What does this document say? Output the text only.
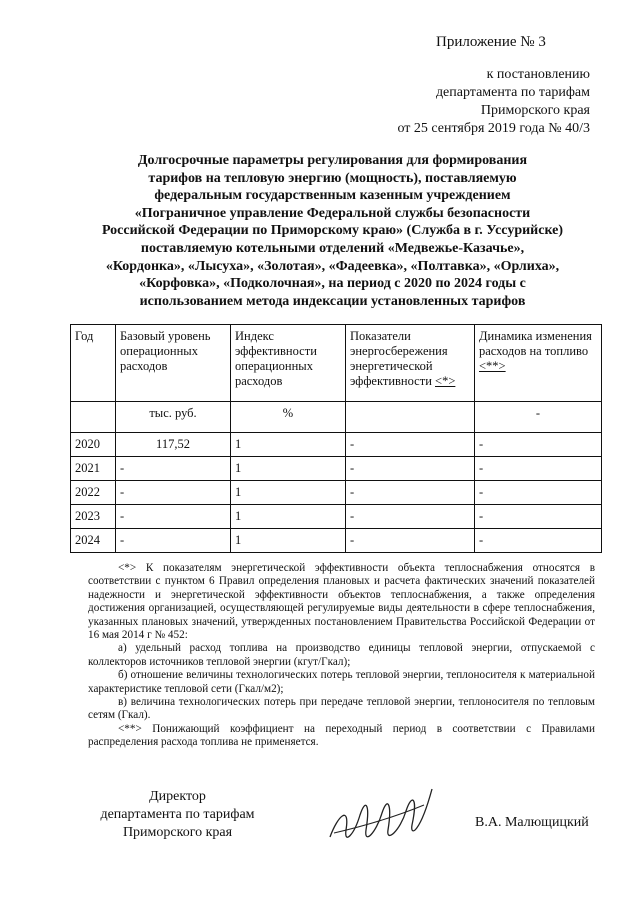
Приложение № 3
к постановлению
департамента по тарифам
Приморского края
от 25 сентября 2019 года № 40/3
Долгосрочные параметры регулирования для формирования
тарифов на тепловую энергию (мощность), поставляемую
федеральным государственным казенным учреждением
«Пограничное управление Федеральной службы безопасности
Российской Федерации по Приморскому краю» (Служба в г. Уссурийске)
поставляемую котельными отделений «Медвежье-Казачье»,
«Кордонка», «Лысуха», «Золотая», «Фадеевка», «Полтавка», «Орлиха»,
«Корфовка», «Подколочная», на период с 2020 по 2024 годы с
использованием метода индексации установленных тарифов
Год	Базовый уровень операционных расходов	Индекс эффективности операционных расходов	Показатели энергосбережения энергетической эффективности <*>	Динамика изменения расходов на топливо <**>
	тыс. руб.	%		-
2020	117,52	1	-	-
2021	-	1	-	-
2022	-	1	-	-
2023	-	1	-	-
2024	-	1	-	-

<*> К показателям энергетической эффективности объекта теплоснабжения относятся в соответствии с пунктом 6 Правил определения плановых и расчета фактических значений показателей надежности и энергетической эффективности объектов теплоснабжения, а также определения достижения организацией, осуществляющей регулируемые виды деятельности в сфере теплоснабжения, указанных плановых значений, утвержденных постановлением Правительства Российской Федерации от 16 мая 2014 г № 452:

а) удельный расход топлива на производство единицы тепловой энергии, отпускаемой с коллекторов источников тепловой энергии (кгут/Гкал);

б) отношение величины технологических потерь тепловой энергии, теплоносителя к материальной характеристике тепловой сети (Гкал/м2);

в) величина технологических потерь при передаче тепловой энергии, теплоносителя по тепловым сетям (Гкал).

<**> Понижающий коэффициент на переходный период в соответствии с Правилами распределения расхода топлива не применяется.

Директор
департамента по тарифам
Приморского края
В.А. Малющицкий
